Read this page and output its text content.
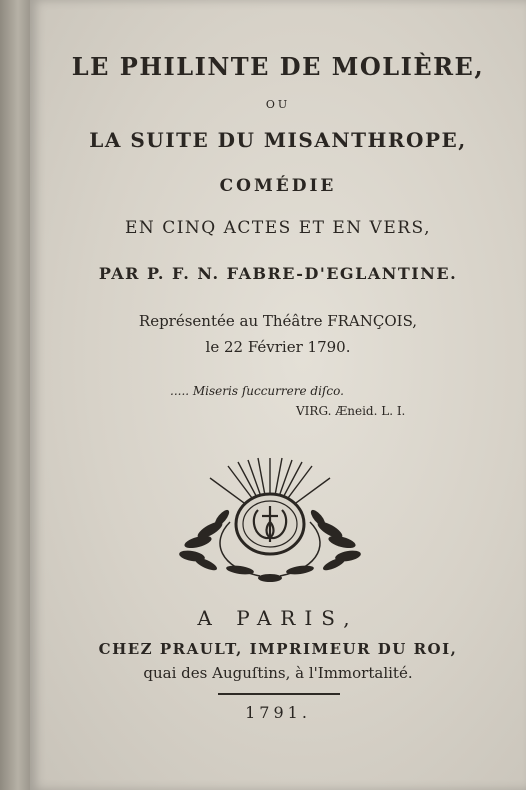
LE PHILINTE DE MOLIÈRE,
OU
LA SUITE DU MISANTHROPE,
COMÉDIE
EN CINQ ACTES ET EN VERS,
PAR P. F. N. FABRE-D'EGLANTINE.
Représentée au Théâtre FRANÇOIS,
le 22 Février 1790.
..... Miseris ſuccurrere diſco.
VIRG. Æneid. L. I.
A PARIS,
CHEZ PRAULT, IMPRIMEUR DU ROI,
quai des Auguſtins, à l'Immortalité.
1791.
